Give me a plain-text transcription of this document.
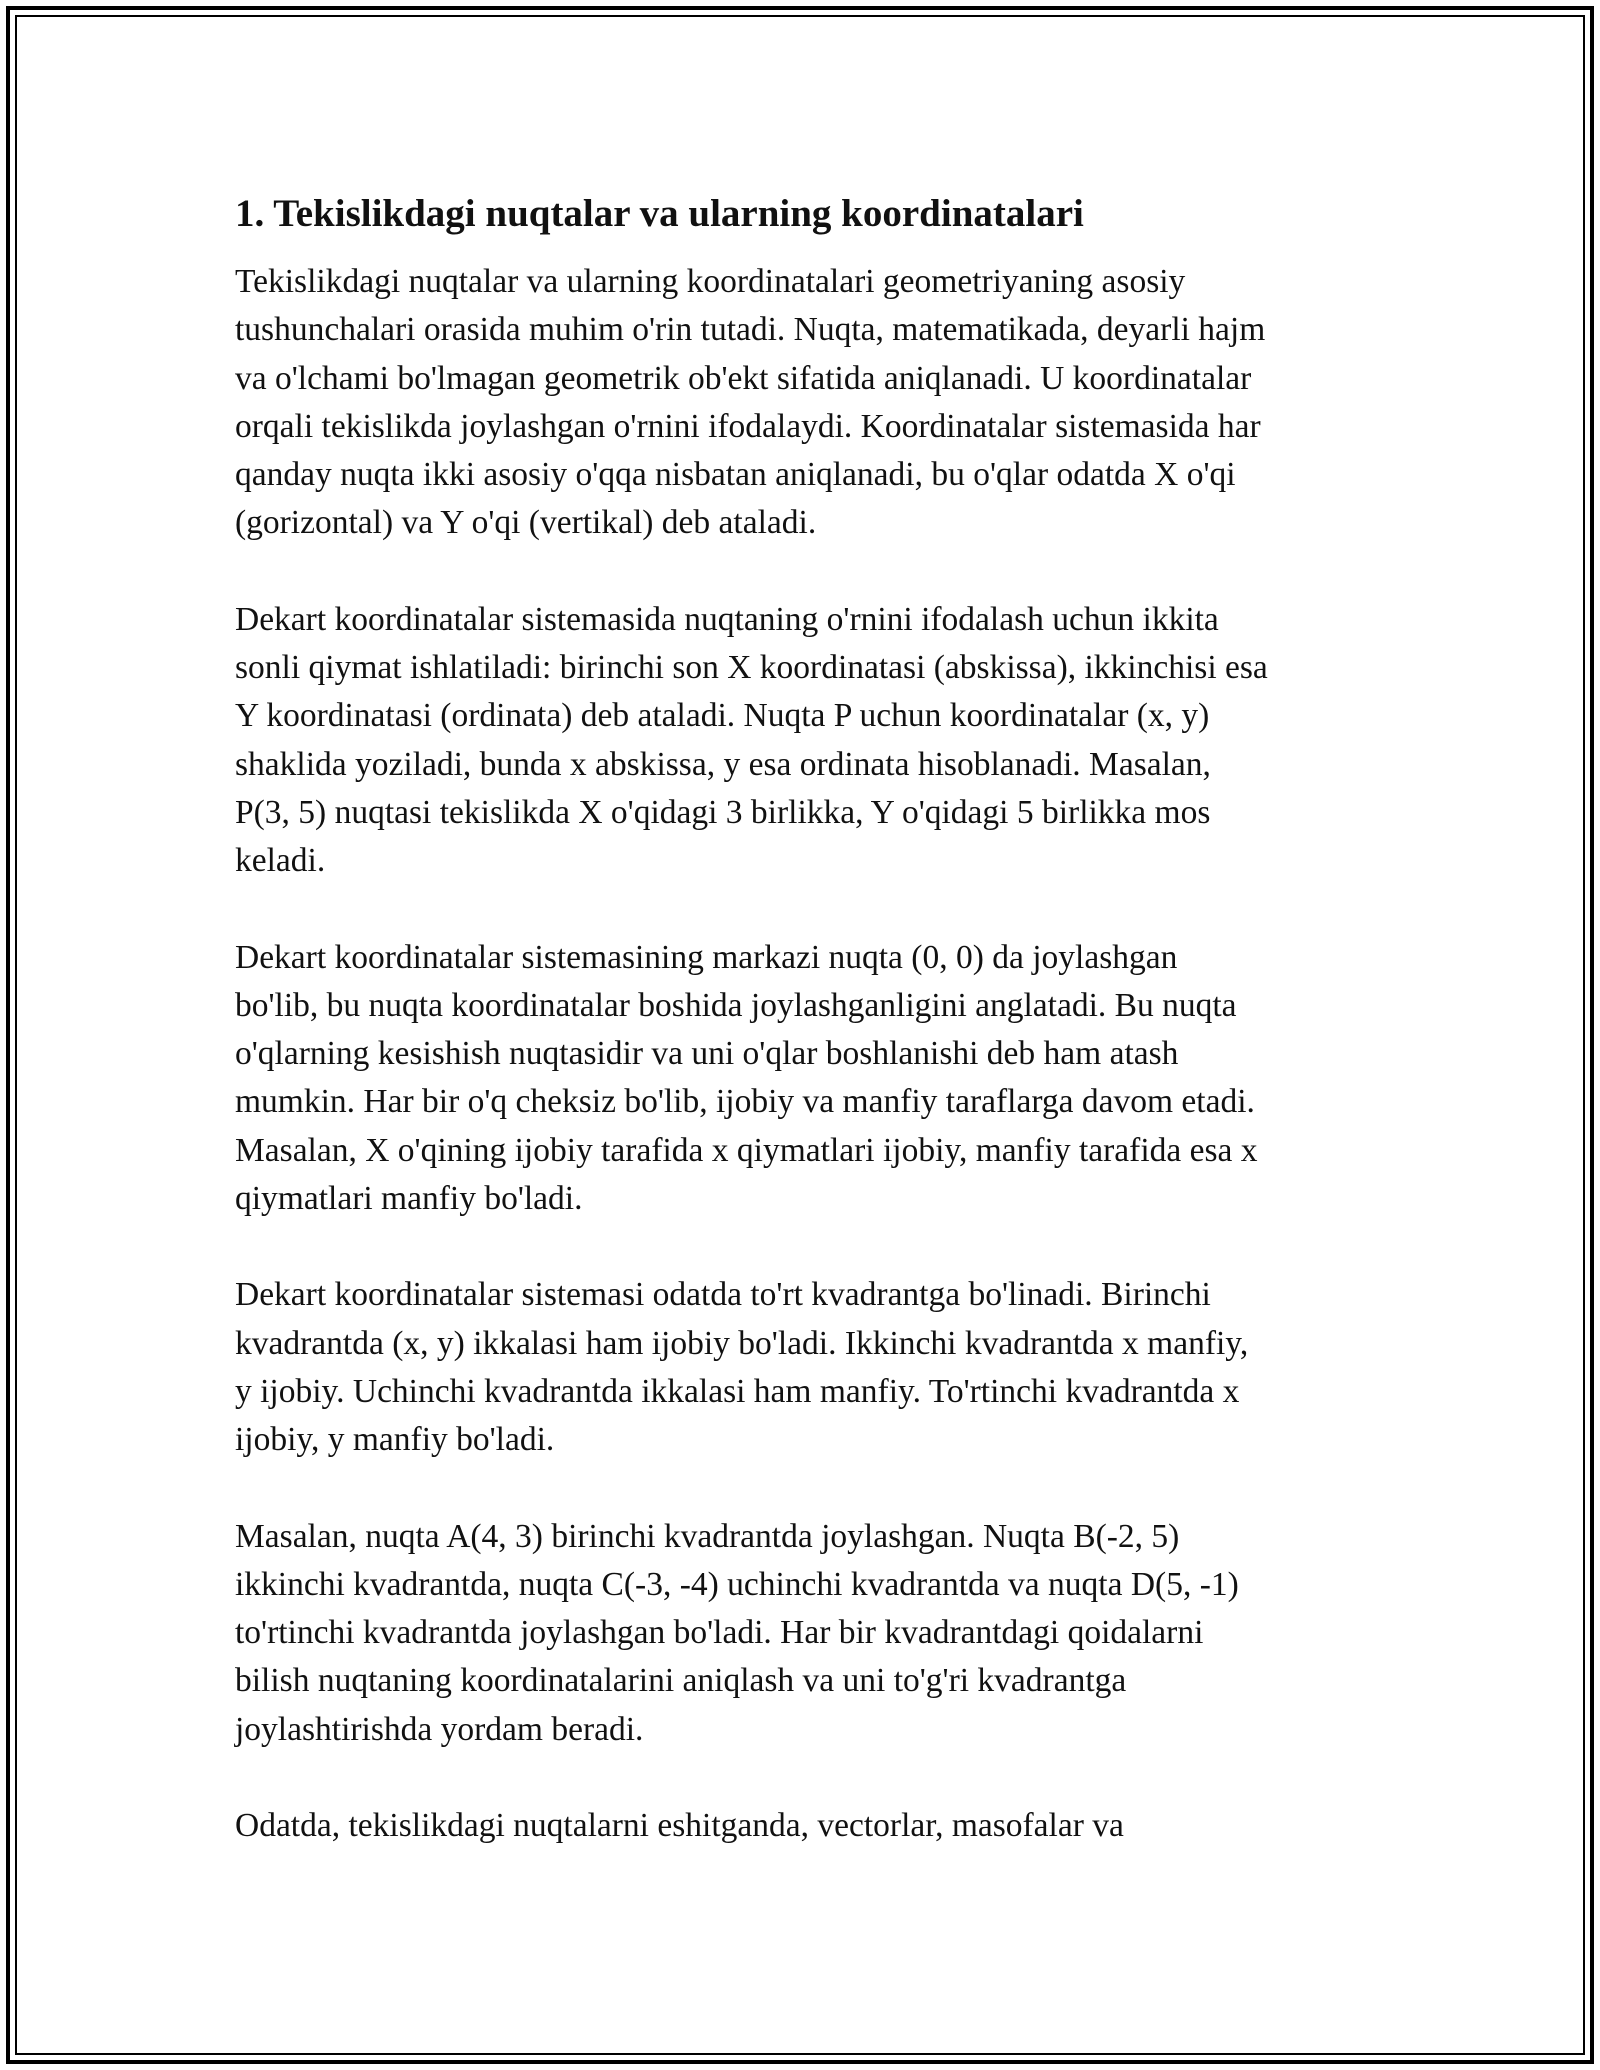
1. Tekislikdagi nuqtalar va ularning koordinatalari

Tekislikdagi nuqtalar va ularning koordinatalari geometriyaning asosiy
tushunchalari orasida muhim o'rin tutadi. Nuqta, matematikada, deyarli hajm
va o'lchami bo'lmagan geometrik ob'ekt sifatida aniqlanadi. U koordinatalar
orqali tekislikda joylashgan o'rnini ifodalaydi. Koordinatalar sistemasida har
qanday nuqta ikki asosiy o'qqa nisbatan aniqlanadi, bu o'qlar odatda X o'qi
(gorizontal) va Y o'qi (vertikal) deb ataladi.

Dekart koordinatalar sistemasida nuqtaning o'rnini ifodalash uchun ikkita
sonli qiymat ishlatiladi: birinchi son X koordinatasi (abskissa), ikkinchisi esa
Y koordinatasi (ordinata) deb ataladi. Nuqta P uchun koordinatalar (x, y)
shaklida yoziladi, bunda x abskissa, y esa ordinata hisoblanadi. Masalan,
P(3, 5) nuqtasi tekislikda X o'qidagi 3 birlikka, Y o'qidagi 5 birlikka mos
keladi.

Dekart koordinatalar sistemasining markazi nuqta (0, 0) da joylashgan
bo'lib, bu nuqta koordinatalar boshida joylashganligini anglatadi. Bu nuqta
o'qlarning kesishish nuqtasidir va uni o'qlar boshlanishi deb ham atash
mumkin. Har bir o'q cheksiz bo'lib, ijobiy va manfiy taraflarga davom etadi.
Masalan, X o'qining ijobiy tarafida x qiymatlari ijobiy, manfiy tarafida esa x
qiymatlari manfiy bo'ladi.

Dekart koordinatalar sistemasi odatda to'rt kvadrantga bo'linadi. Birinchi
kvadrantda (x, y) ikkalasi ham ijobiy bo'ladi. Ikkinchi kvadrantda x manfiy,
y ijobiy. Uchinchi kvadrantda ikkalasi ham manfiy. To'rtinchi kvadrantda x
ijobiy, y manfiy bo'ladi.

Masalan, nuqta A(4, 3) birinchi kvadrantda joylashgan. Nuqta B(-2, 5)
ikkinchi kvadrantda, nuqta C(-3, -4) uchinchi kvadrantda va nuqta D(5, -1)
to'rtinchi kvadrantda joylashgan bo'ladi. Har bir kvadrantdagi qoidalarni
bilish nuqtaning koordinatalarini aniqlash va uni to'g'ri kvadrantga
joylashtirishda yordam beradi.

Odatda, tekislikdagi nuqtalarni eshitganda, vectorlar, masofalar va
